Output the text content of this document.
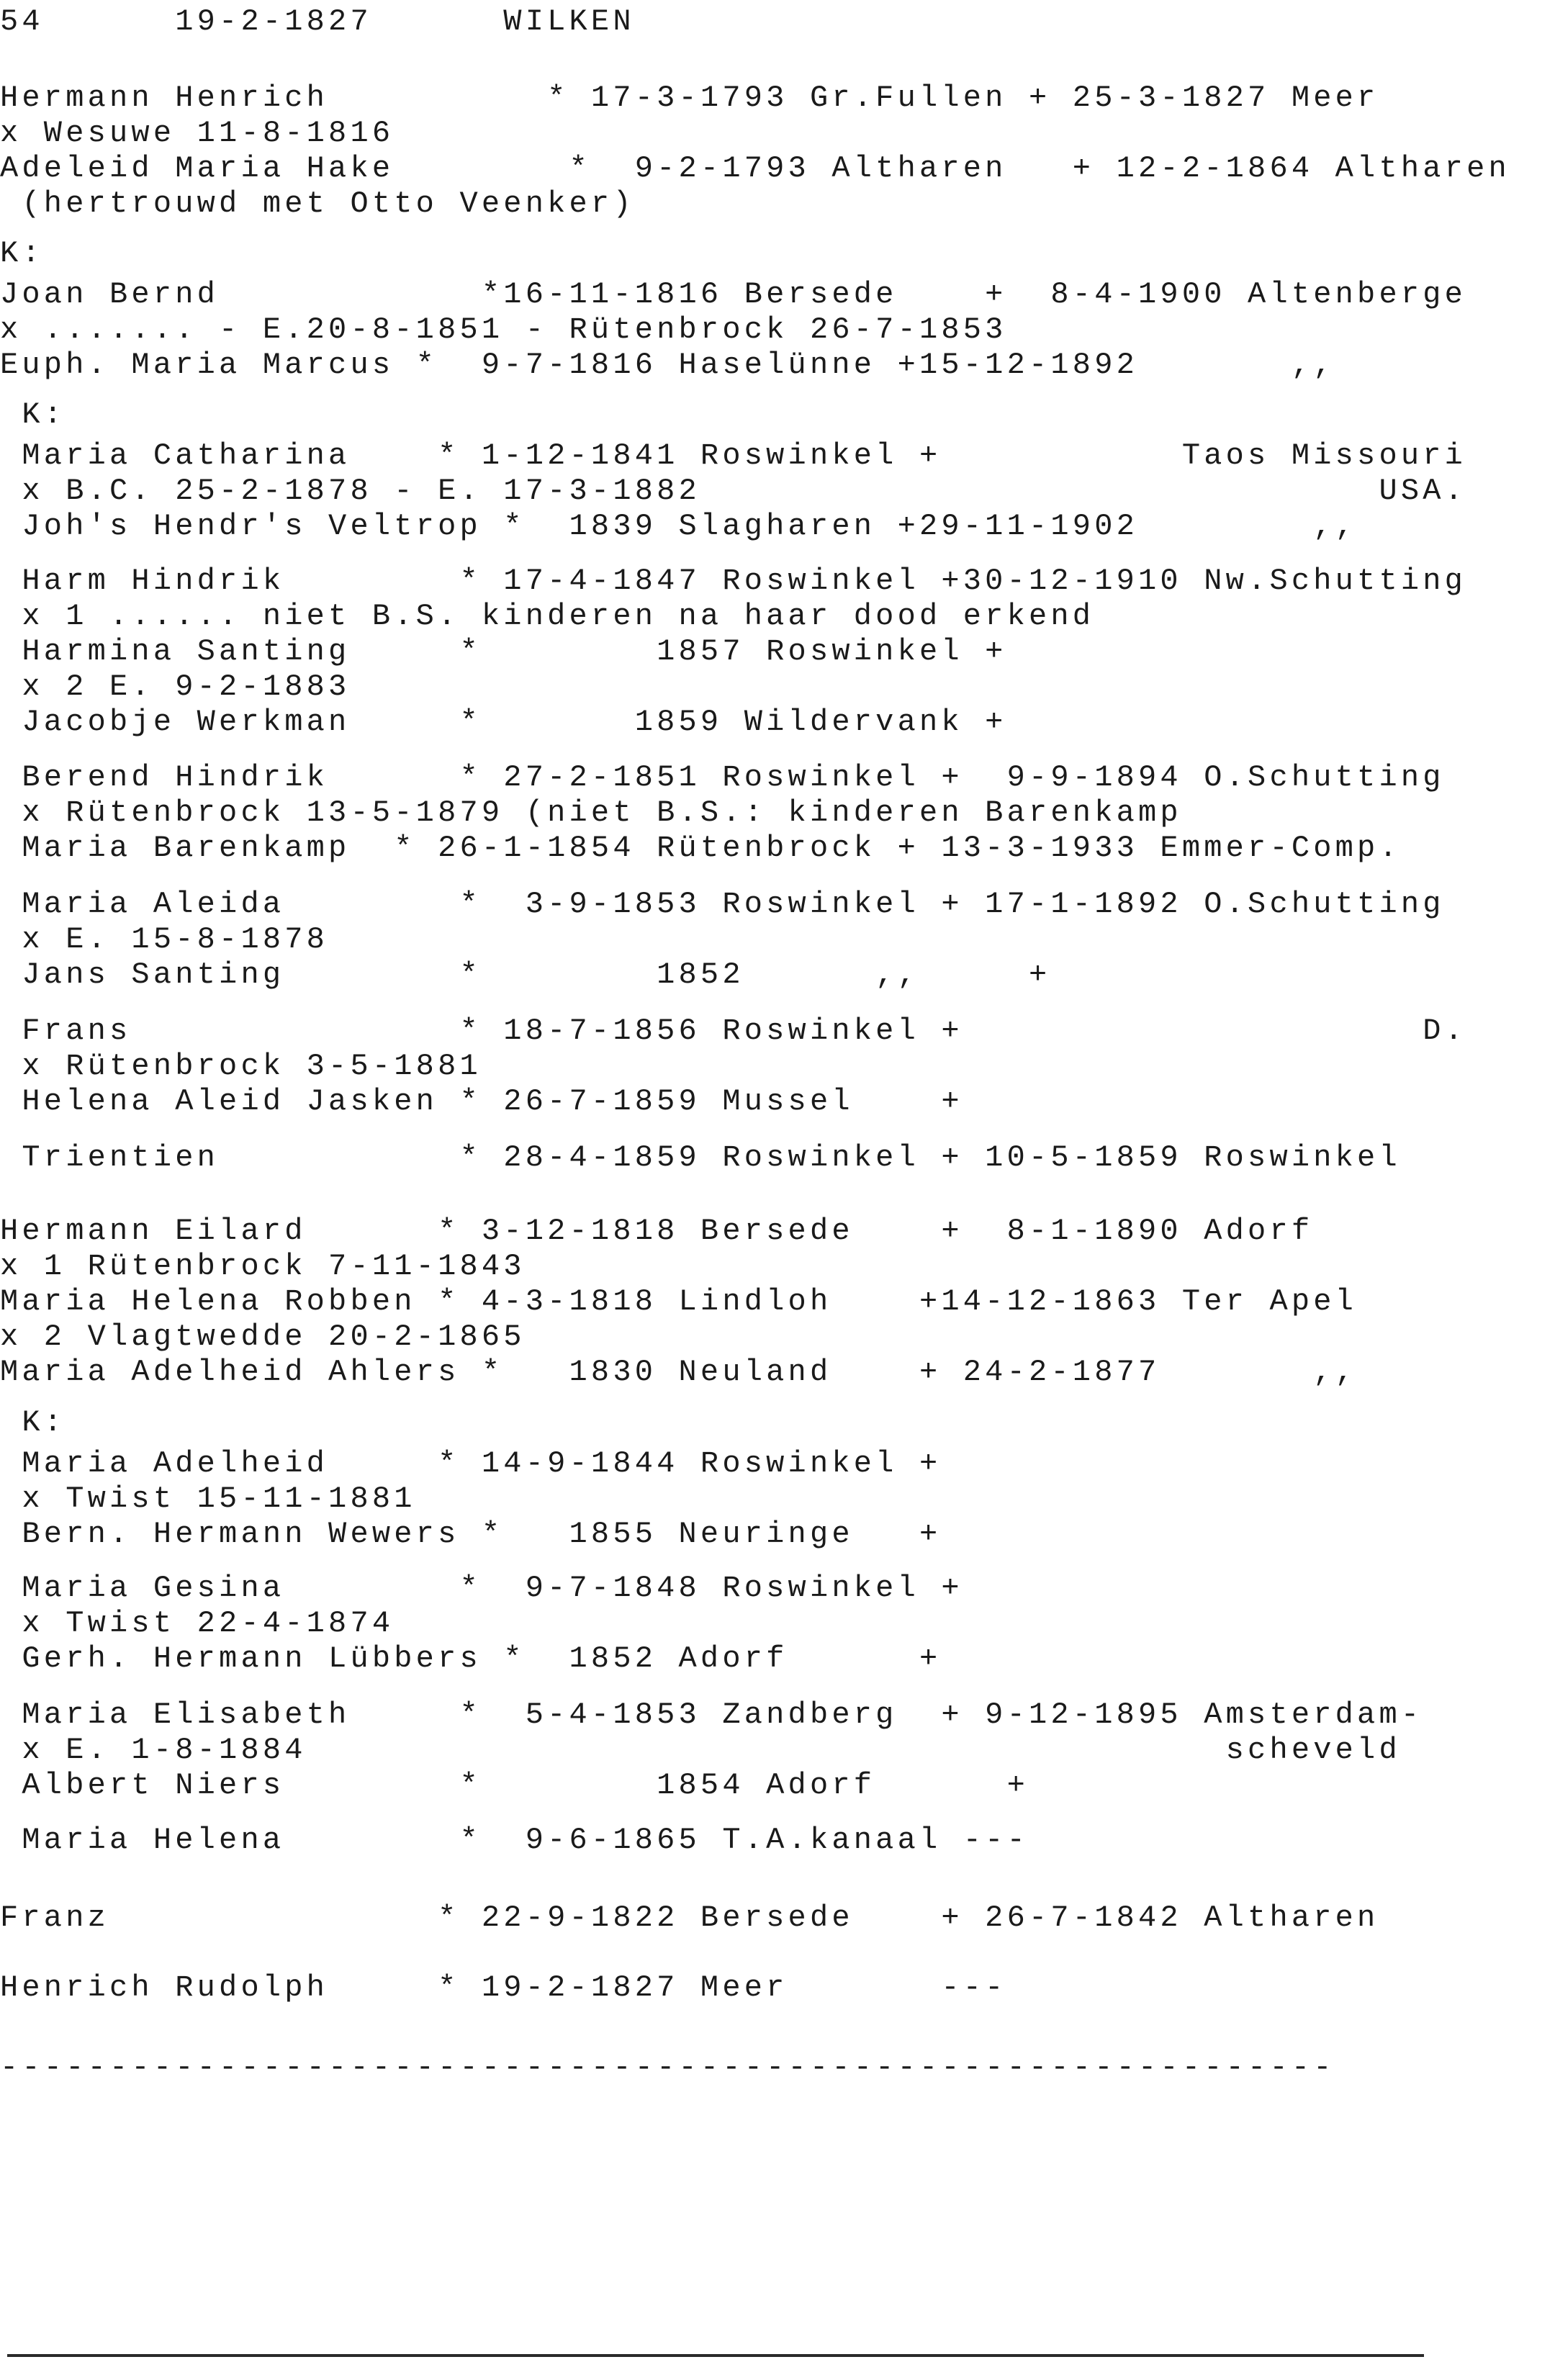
54      19-2-1827      WILKEN
Hermann Henrich          * 17-3-1793 Gr.Fullen + 25-3-1827 Meer
x Wesuwe 11-8-1816
Adeleid Maria Hake        *  9-2-1793 Altharen   + 12-2-1864 Altharen
(hertrouwd met Otto Veenker)
K:
Joan Bernd            *16-11-1816 Bersede    +  8-4-1900 Altenberge
x ....... - E.20-8-1851 - Rütenbrock 26-7-1853
Euph. Maria Marcus *  9-7-1816 Haselünne +15-12-1892       ,,
K:
Maria Catharina    * 1-12-1841 Roswinkel +           Taos Missouri
x B.C. 25-2-1878 - E. 17-3-1882                               USA.
Joh's Hendr's Veltrop *  1839 Slagharen +29-11-1902        ,,
Harm Hindrik        * 17-4-1847 Roswinkel +30-12-1910 Nw.Schutting
x 1 ...... niet B.S. kinderen na haar dood erkend
Harmina Santing     *        1857 Roswinkel +
x 2 E. 9-2-1883
Jacobje Werkman     *       1859 Wildervank +
Berend Hindrik      * 27-2-1851 Roswinkel +  9-9-1894 O.Schutting
x Rütenbrock 13-5-1879 (niet B.S.: kinderen Barenkamp
Maria Barenkamp  * 26-1-1854 Rütenbrock + 13-3-1933 Emmer-Comp.
Maria Aleida        *  3-9-1853 Roswinkel + 17-1-1892 O.Schutting
x E. 15-8-1878
Jans Santing        *        1852      ,,     +
Frans               * 18-7-1856 Roswinkel +                     D.
x Rütenbrock 3-5-1881
Helena Aleid Jasken * 26-7-1859 Mussel    +
Trientien           * 28-4-1859 Roswinkel + 10-5-1859 Roswinkel
Hermann Eilard      * 3-12-1818 Bersede    +  8-1-1890 Adorf
x 1 Rütenbrock 7-11-1843
Maria Helena Robben * 4-3-1818 Lindloh    +14-12-1863 Ter Apel
x 2 Vlagtwedde 20-2-1865
Maria Adelheid Ahlers *   1830 Neuland    + 24-2-1877       ,,
K:
Maria Adelheid     * 14-9-1844 Roswinkel +
x Twist 15-11-1881
Bern. Hermann Wewers *   1855 Neuringe   +
Maria Gesina        *  9-7-1848 Roswinkel +
x Twist 22-4-1874
Gerh. Hermann Lübbers *  1852 Adorf      +
Maria Elisabeth     *  5-4-1853 Zandberg  + 9-12-1895 Amsterdam-
x E. 1-8-1884                                          scheveld
Albert Niers        *        1854 Adorf      +
Maria Helena        *  9-6-1865 T.A.kanaal ---
Franz               * 22-9-1822 Bersede    + 26-7-1842 Altharen
Henrich Rudolph     * 19-2-1827 Meer       ---
-------------------------------------------------------------
